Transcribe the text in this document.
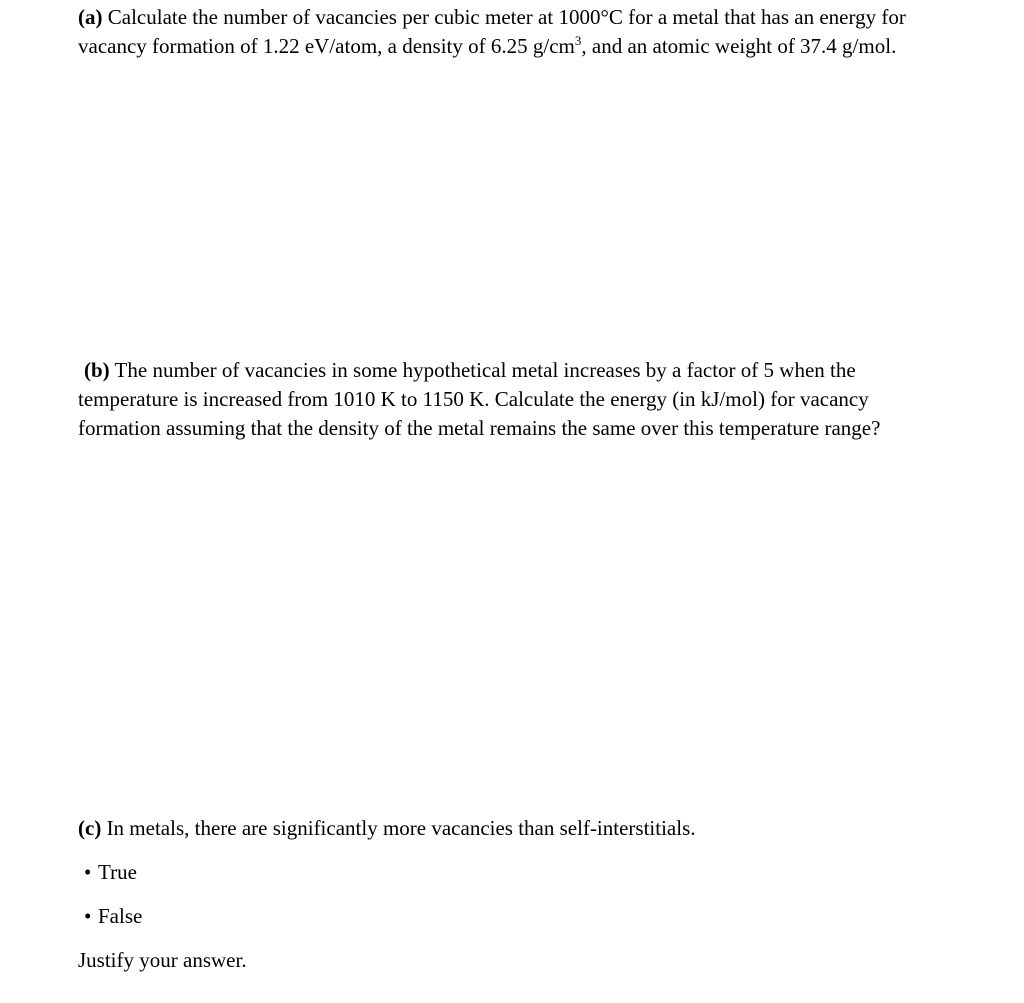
(a) Calculate the number of vacancies per cubic meter at 1000°C for a metal that has an energy for
vacancy formation of 1.22 eV/atom, a density of 6.25 $g/cm^3$, and an atomic weight of 37.4 g/mol.
(b) The number of vacancies in some hypothetical metal increases by a factor of 5 when the
temperature is increased from 1010 K to 1150 K. Calculate the energy (in kJ/mol) for vacancy
formation assuming that the density of the metal remains the same over this temperature range?
(c) In metals, there are significantly more vacancies than self-interstitials.
• True
• False
Justify your answer.
